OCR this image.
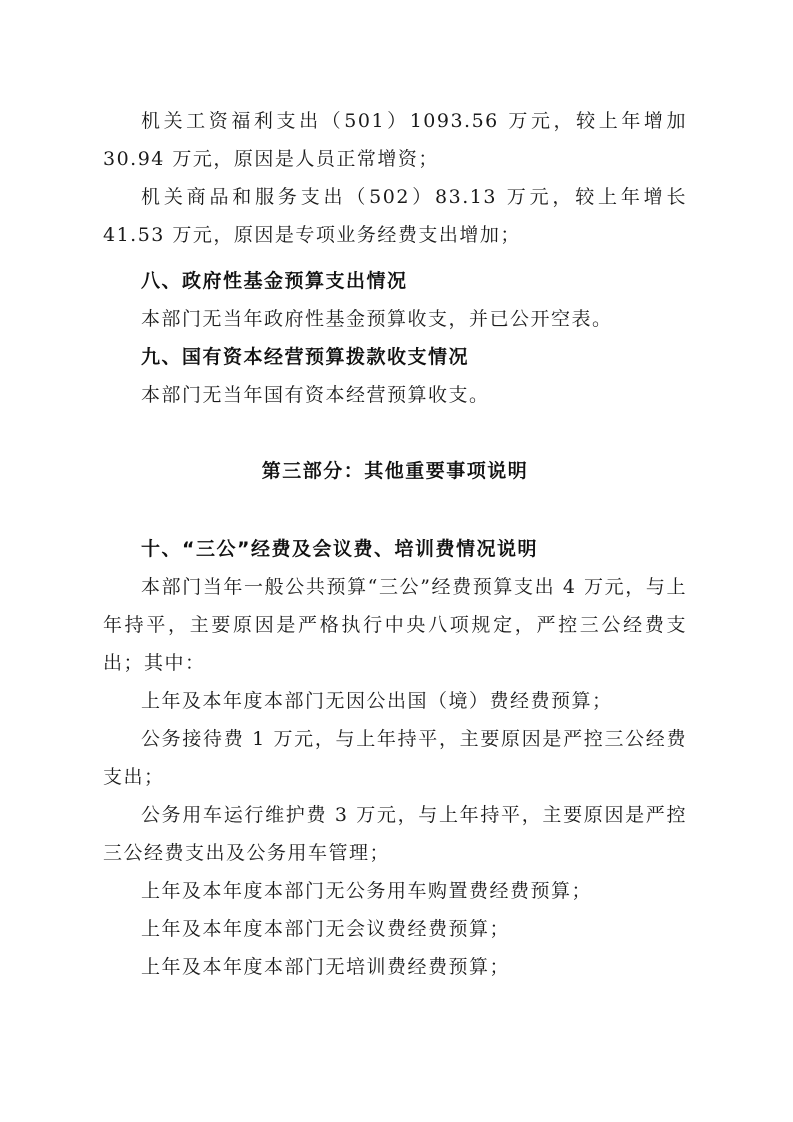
机关工资福利支出（501）1093.56 万元，较上年增加 30.94 万元，原因是人员正常增资；

机关商品和服务支出（502）83.13 万元，较上年增长 41.53 万元，原因是专项业务经费支出增加；

八、政府性基金预算支出情况

本部门无当年政府性基金预算收支，并已公开空表。

九、国有资本经营预算拨款收支情况

本部门无当年国有资本经营预算收支。

第三部分：其他重要事项说明

十、“三公”经费及会议费、培训费情况说明

本部门当年一般公共预算“三公”经费预算支出 4 万元，与上年持平，主要原因是严格执行中央八项规定，严控三公经费支出；其中：

上年及本年度本部门无因公出国（境）费经费预算；

公务接待费 1 万元，与上年持平，主要原因是严控三公经费支出；

公务用车运行维护费 3 万元，与上年持平，主要原因是严控三公经费支出及公务用车管理；

上年及本年度本部门无公务用车购置费经费预算；

上年及本年度本部门无会议费经费预算；

上年及本年度本部门无培训费经费预算；
